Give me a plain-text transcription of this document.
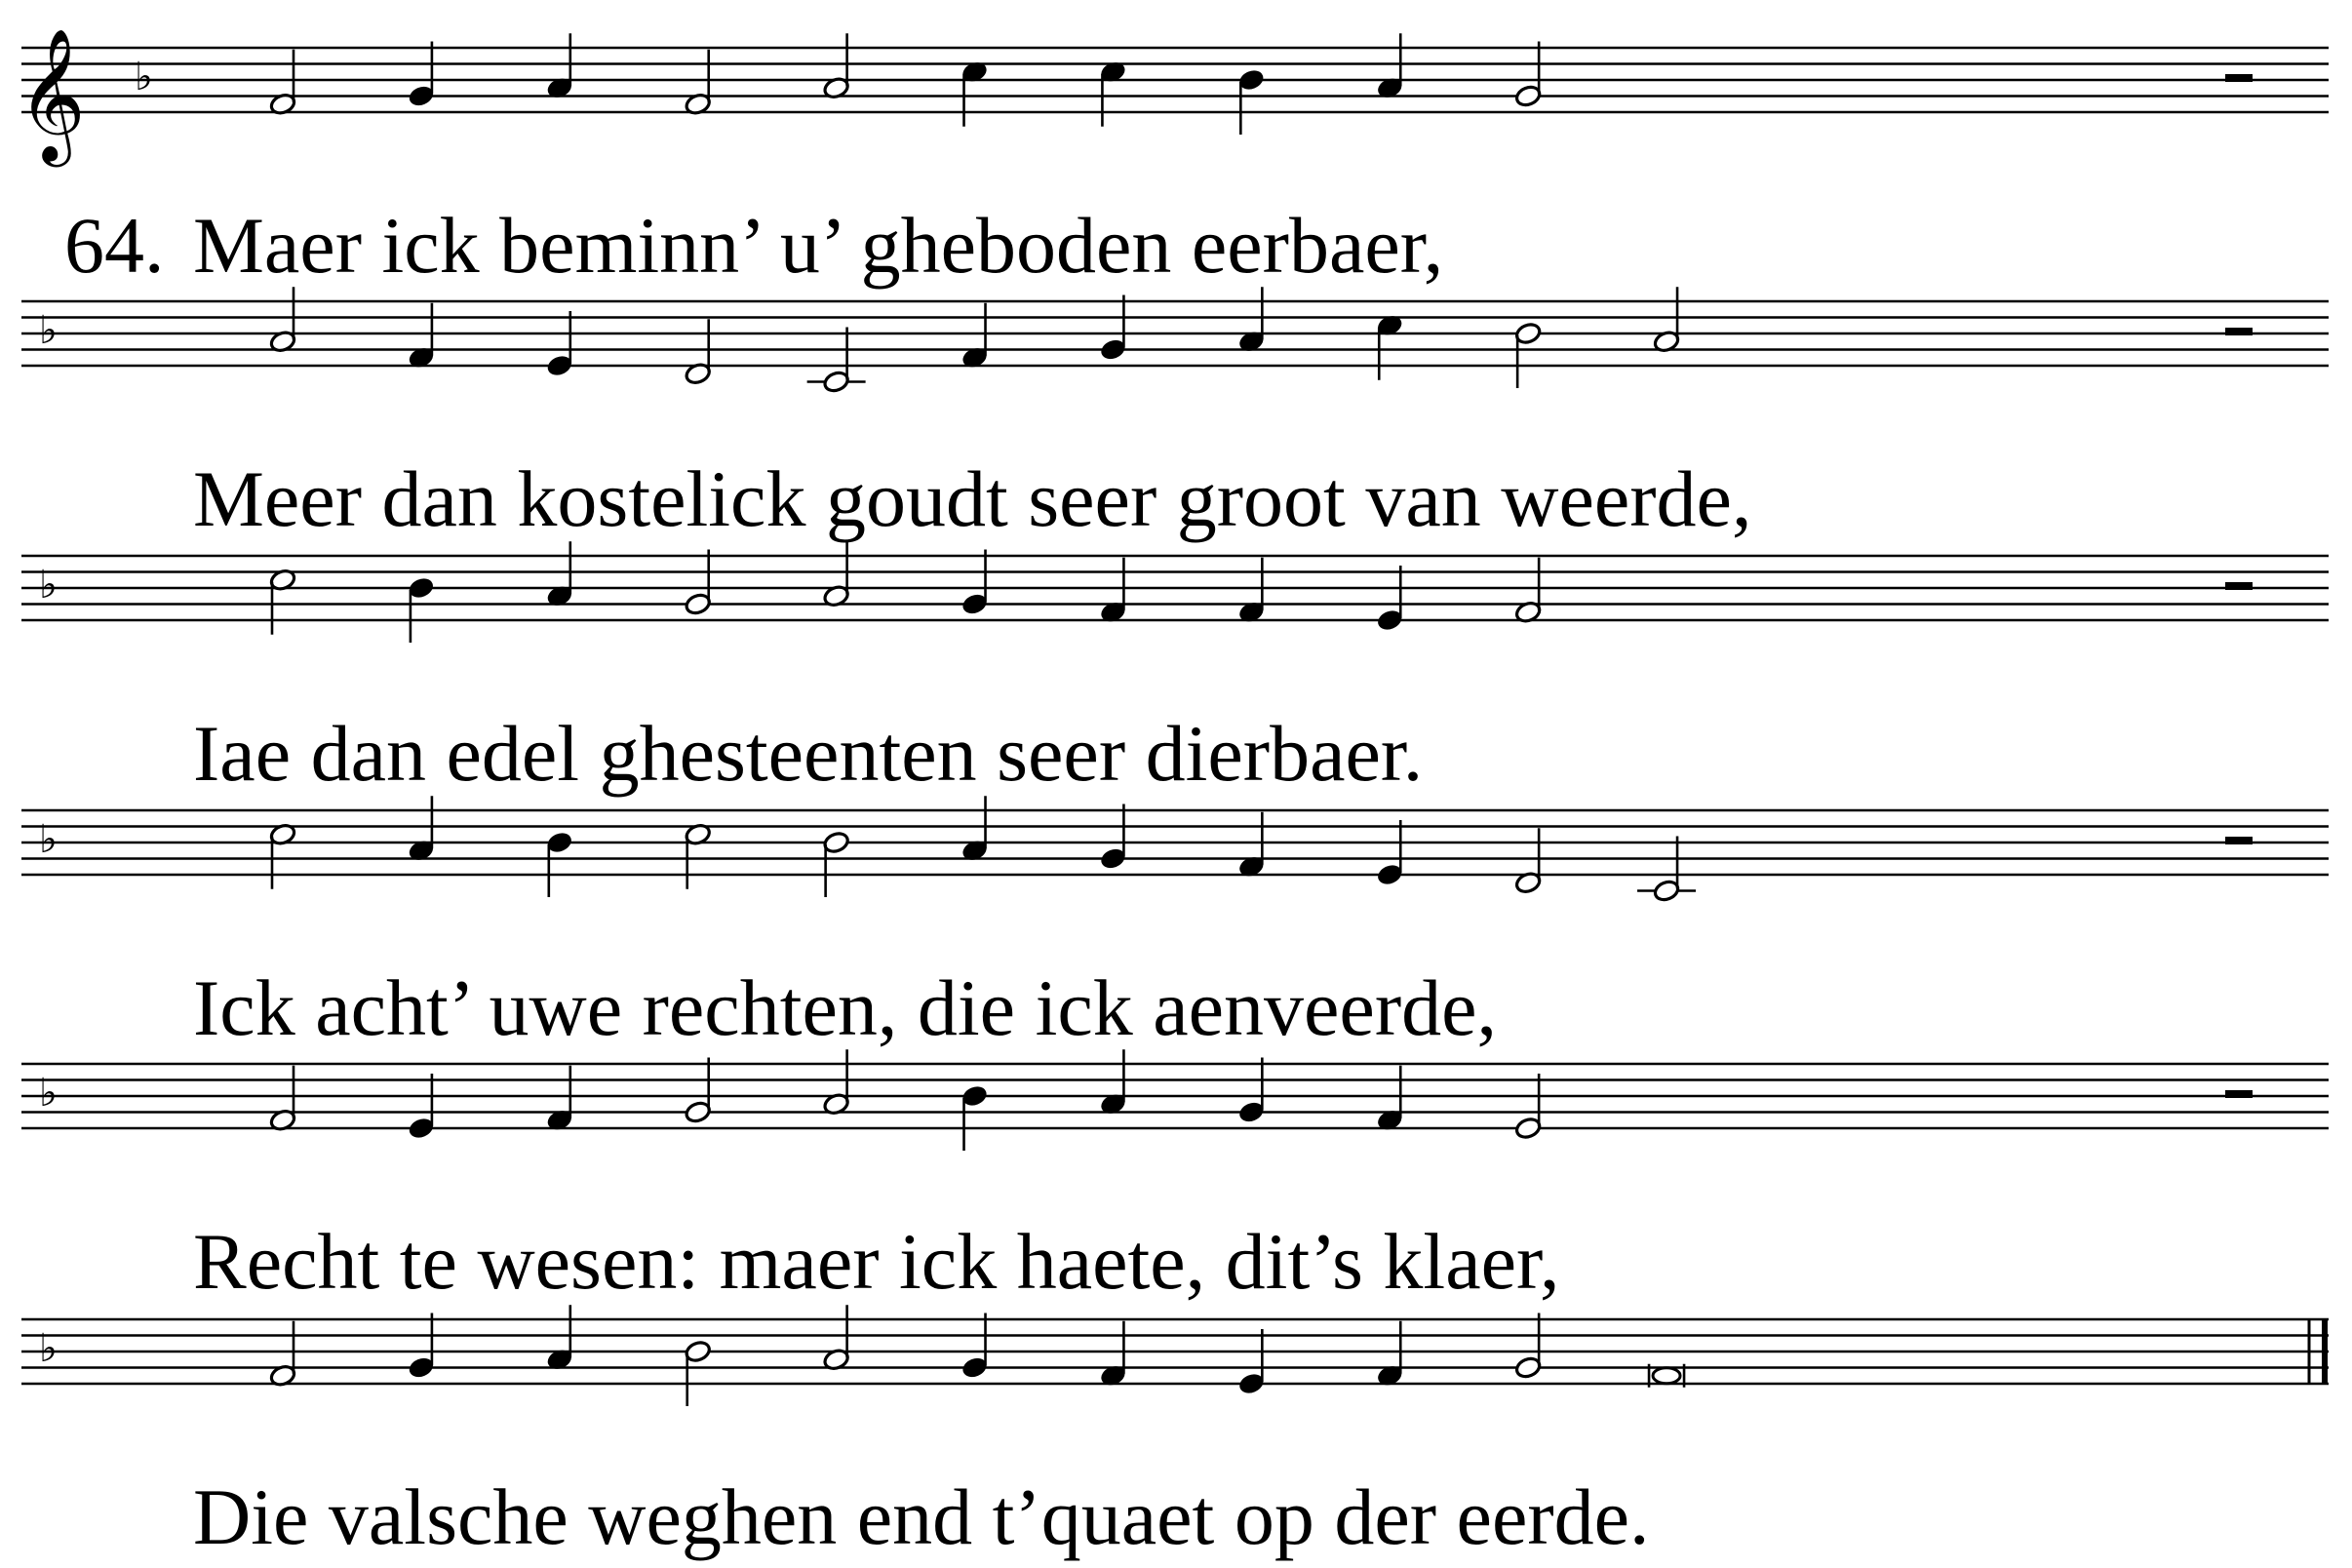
𝄞 ♭
64. Maer ick beminn’ u’ gheboden eerbaer,
♭
Meer dan kostelick goudt seer groot van weerde,
♭
Iae dan edel ghesteenten seer dierbaer.
♭
Ick acht’ uwe rechten, die ick aenveerde,
♭
Recht te wesen: maer ick haete, dit’s klaer,
♭
Die valsche weghen end t’quaet op der eerde.
